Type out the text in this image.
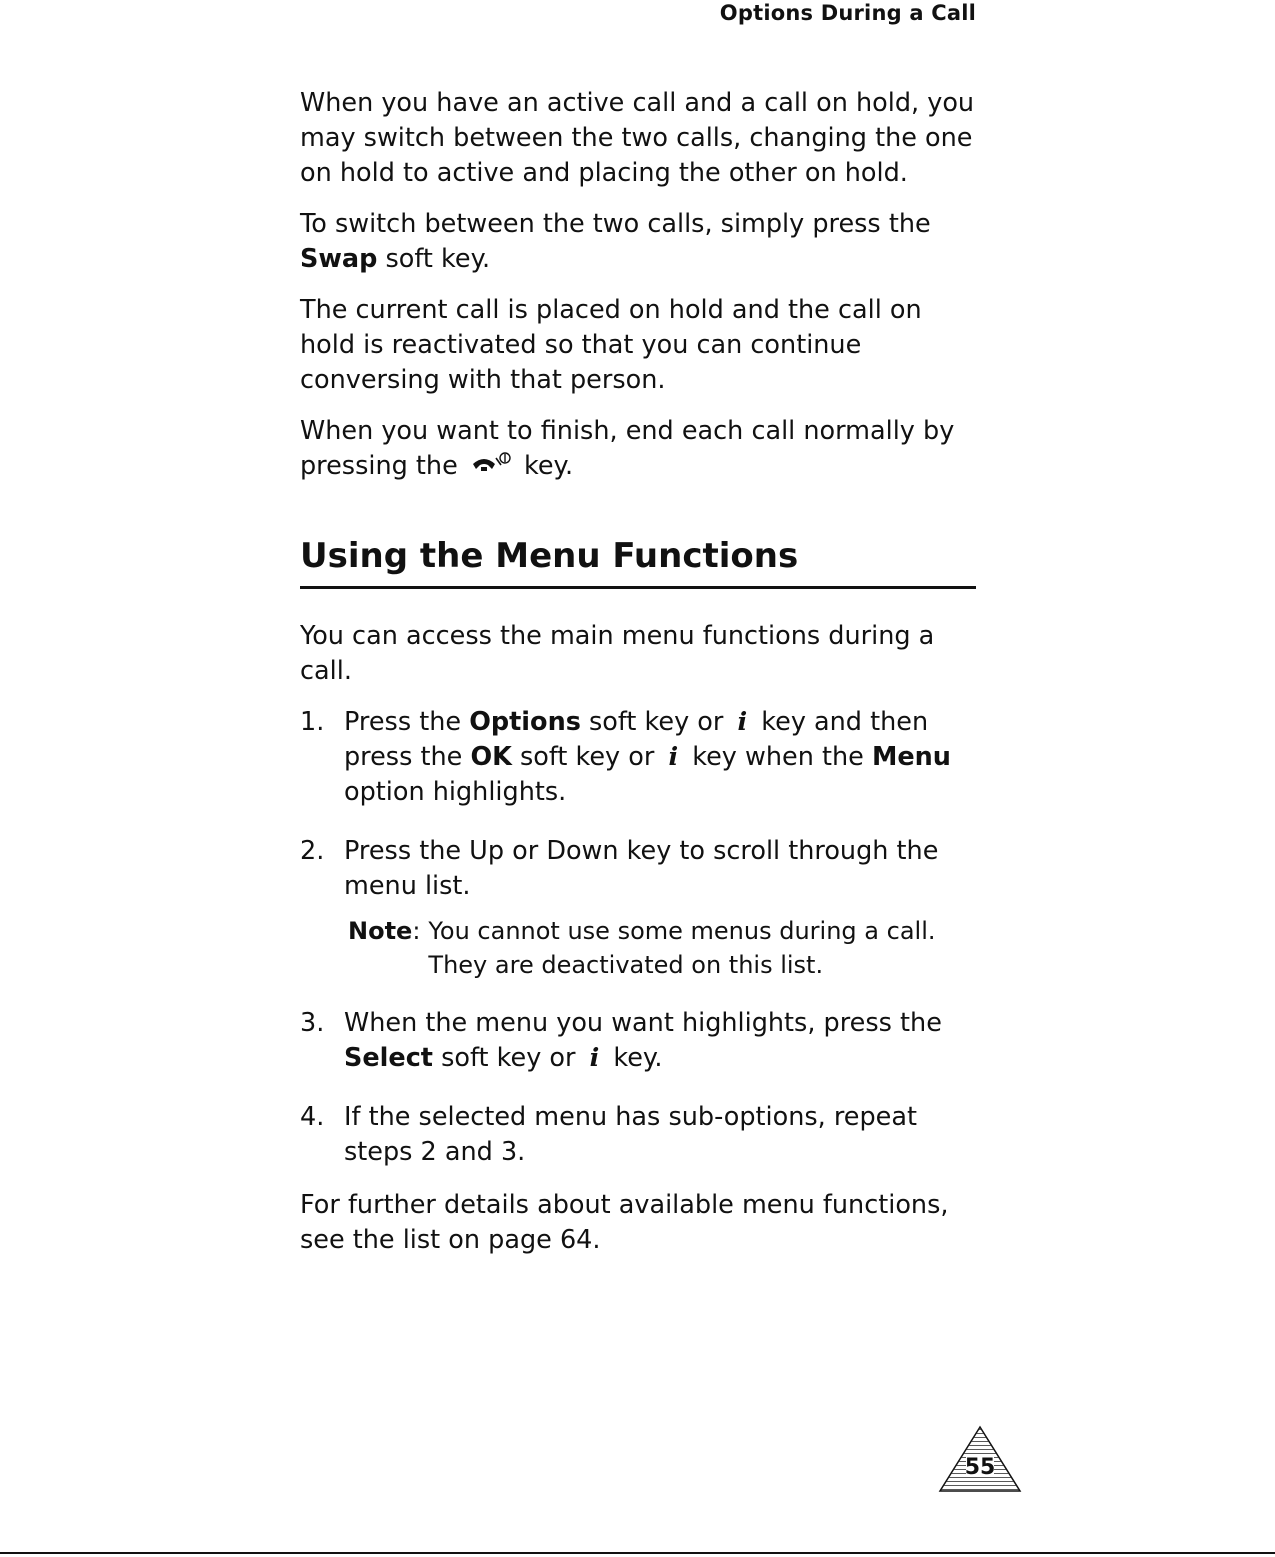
Options During a Call

When you have an active call and a call on hold, you may switch between the two calls, changing the one on hold to active and placing the other on hold.

To switch between the two calls, simply press the Swap soft key.

The current call is placed on hold and the call on hold is reactivated so that you can continue conversing with that person.

When you want to finish, end each call normally by pressing the	key.

Using the Menu Functions

You can access the main menu functions during a call.

1. Press the Options soft key or i key and then press the OK soft key or i key when the Menu option highlights.
2. Press the Up or Down key to scroll through the menu list.
Note : You cannot use some menus during a call. They are deactivated on this list.
3. When the menu you want highlights, press the Select soft key or i key.
4. If the selected menu has sub-options, repeat steps 2 and 3.

For further details about available menu functions, see the list on page 64.

55
